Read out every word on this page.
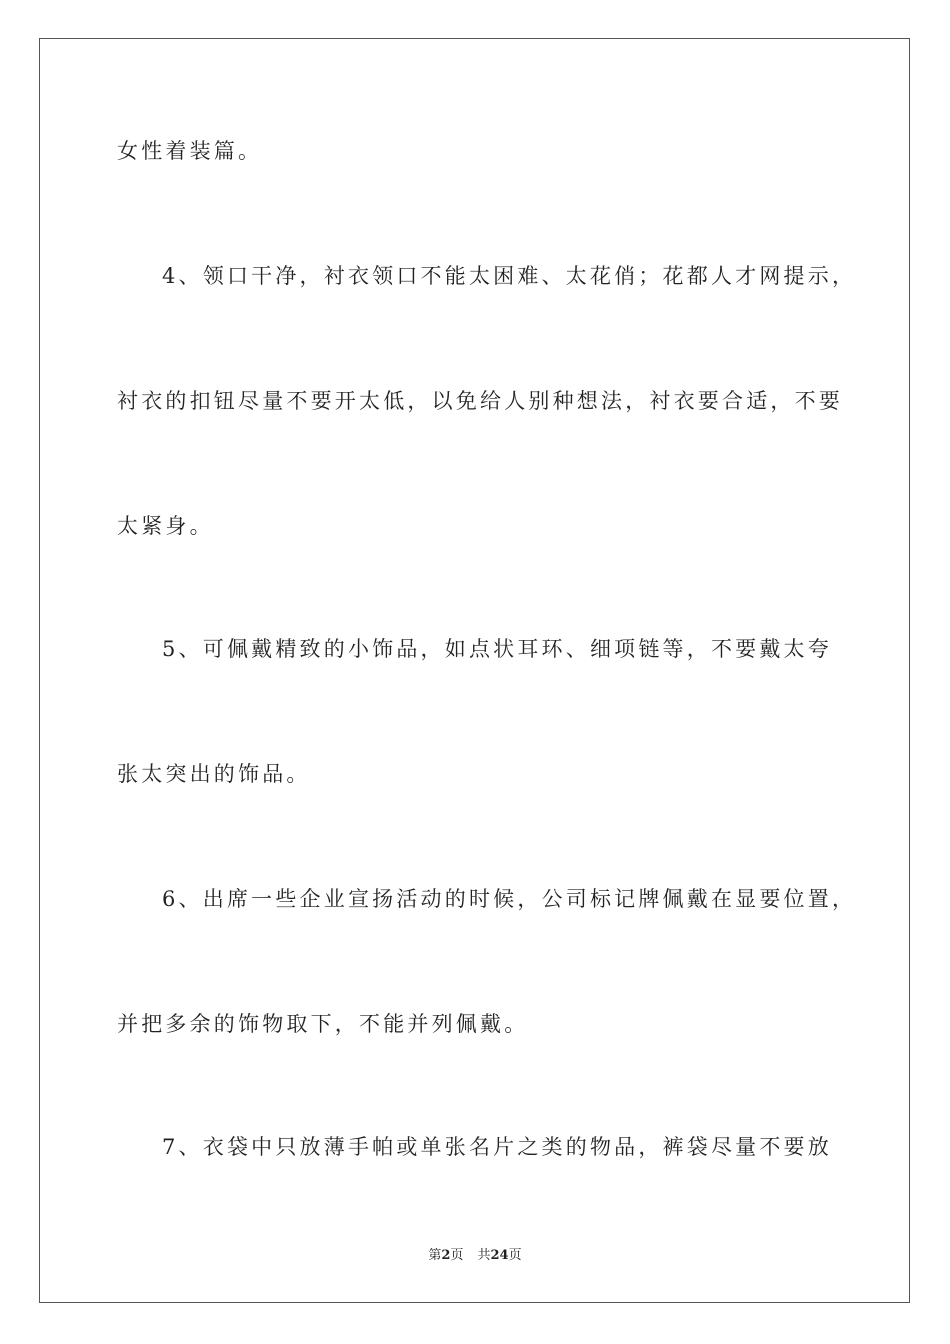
女性着装篇。
4、领口干净，衬衣领口不能太困难、太花俏；花都人才网提示，
衬衣的扣钮尽量不要开太低，以免给人别种想法，衬衣要合适，不要
太紧身。
5、可佩戴精致的小饰品，如点状耳环、细项链等，不要戴太夸
张太突出的饰品。
6、出席一些企业宣扬活动的时候，公司标记牌佩戴在显要位置，
并把多余的饰物取下，不能并列佩戴。
7、衣袋中只放薄手帕或单张名片之类的物品，裤袋尽量不要放
第2页 共24页
